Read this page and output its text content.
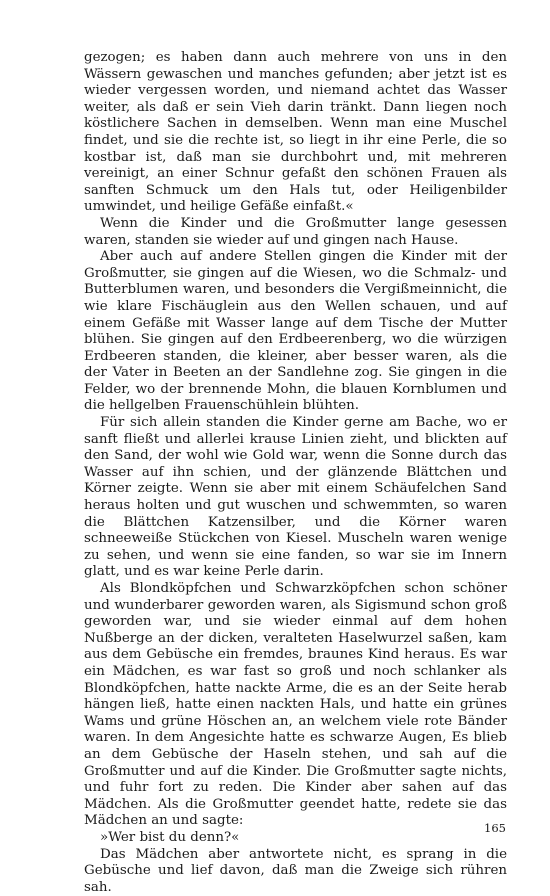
gezogen; es haben dann auch mehrere von uns in den Wässern gewaschen und manches gefunden; aber jetzt ist es wieder vergessen worden, und niemand achtet das Wasser weiter, als daß er sein Vieh darin tränkt. Dann liegen noch köstlichere Sachen in demselben. Wenn man eine Muschel findet, und sie die rechte ist, so liegt in ihr eine Perle, die so kostbar ist, daß man sie durchbohrt und, mit mehreren vereinigt, an einer Schnur gefaßt den schönen Frauen als sanften Schmuck um den Hals tut, oder Heiligenbilder umwindet, und heilige Gefäße einfaßt.«

Wenn die Kinder und die Großmutter lange gesessen waren, standen sie wieder auf und gingen nach Hause.

Aber auch auf andere Stellen gingen die Kinder mit der Großmutter, sie gingen auf die Wiesen, wo die Schmalz- und Butterblumen waren, und besonders die Vergißmeinnicht, die wie klare Fischäuglein aus den Wellen schauen, und auf einem Gefäße mit Wasser lange auf dem Tische der Mutter blühen. Sie gingen auf den Erdbeerenberg, wo die würzigen Erdbeeren standen, die kleiner, aber besser waren, als die der Vater in Beeten an der Sandlehne zog. Sie gingen in die Felder, wo der brennende Mohn, die blauen Kornblumen und die hellgelben Frauenschühlein blühten.

Für sich allein standen die Kinder gerne am Bache, wo er sanft fließt und allerlei krause Linien zieht, und blickten auf den Sand, der wohl wie Gold war, wenn die Sonne durch das Wasser auf ihn schien, und der glänzende Blättchen und Körner zeigte. Wenn sie aber mit einem Schäufelchen Sand heraus holten und gut wuschen und schwemmten, so waren die Blättchen Katzensilber, und die Körner waren schneeweiße Stückchen von Kiesel. Muscheln waren wenige zu sehen, und wenn sie eine fanden, so war sie im Innern glatt, und es war keine Perle darin.

Als Blondköpfchen und Schwarzköpfchen schon schöner und wunderbarer geworden waren, als Sigismund schon groß geworden war, und sie wieder einmal auf dem hohen Nußberge an der dicken, veralteten Haselwurzel saßen, kam aus dem Gebüsche ein fremdes, braunes Kind heraus. Es war ein Mädchen, es war fast so groß und noch schlanker als Blondköpfchen, hatte nackte Arme, die es an der Seite herab hängen ließ, hatte einen nackten Hals, und hatte ein grünes Wams und grüne Höschen an, an welchem viele rote Bänder waren. In dem Angesichte hatte es schwarze Augen, Es blieb an dem Gebüsche der Haseln stehen, und sah auf die Großmutter und auf die Kinder. Die Großmutter sagte nichts, und fuhr fort zu reden. Die Kinder aber sahen auf das Mädchen. Als die Großmutter geendet hatte, redete sie das Mädchen an und sagte:

»Wer bist du denn?«

Das Mädchen aber antwortete nicht, es sprang in die Gebüsche und lief davon, daß man die Zweige sich rühren sah.

165
